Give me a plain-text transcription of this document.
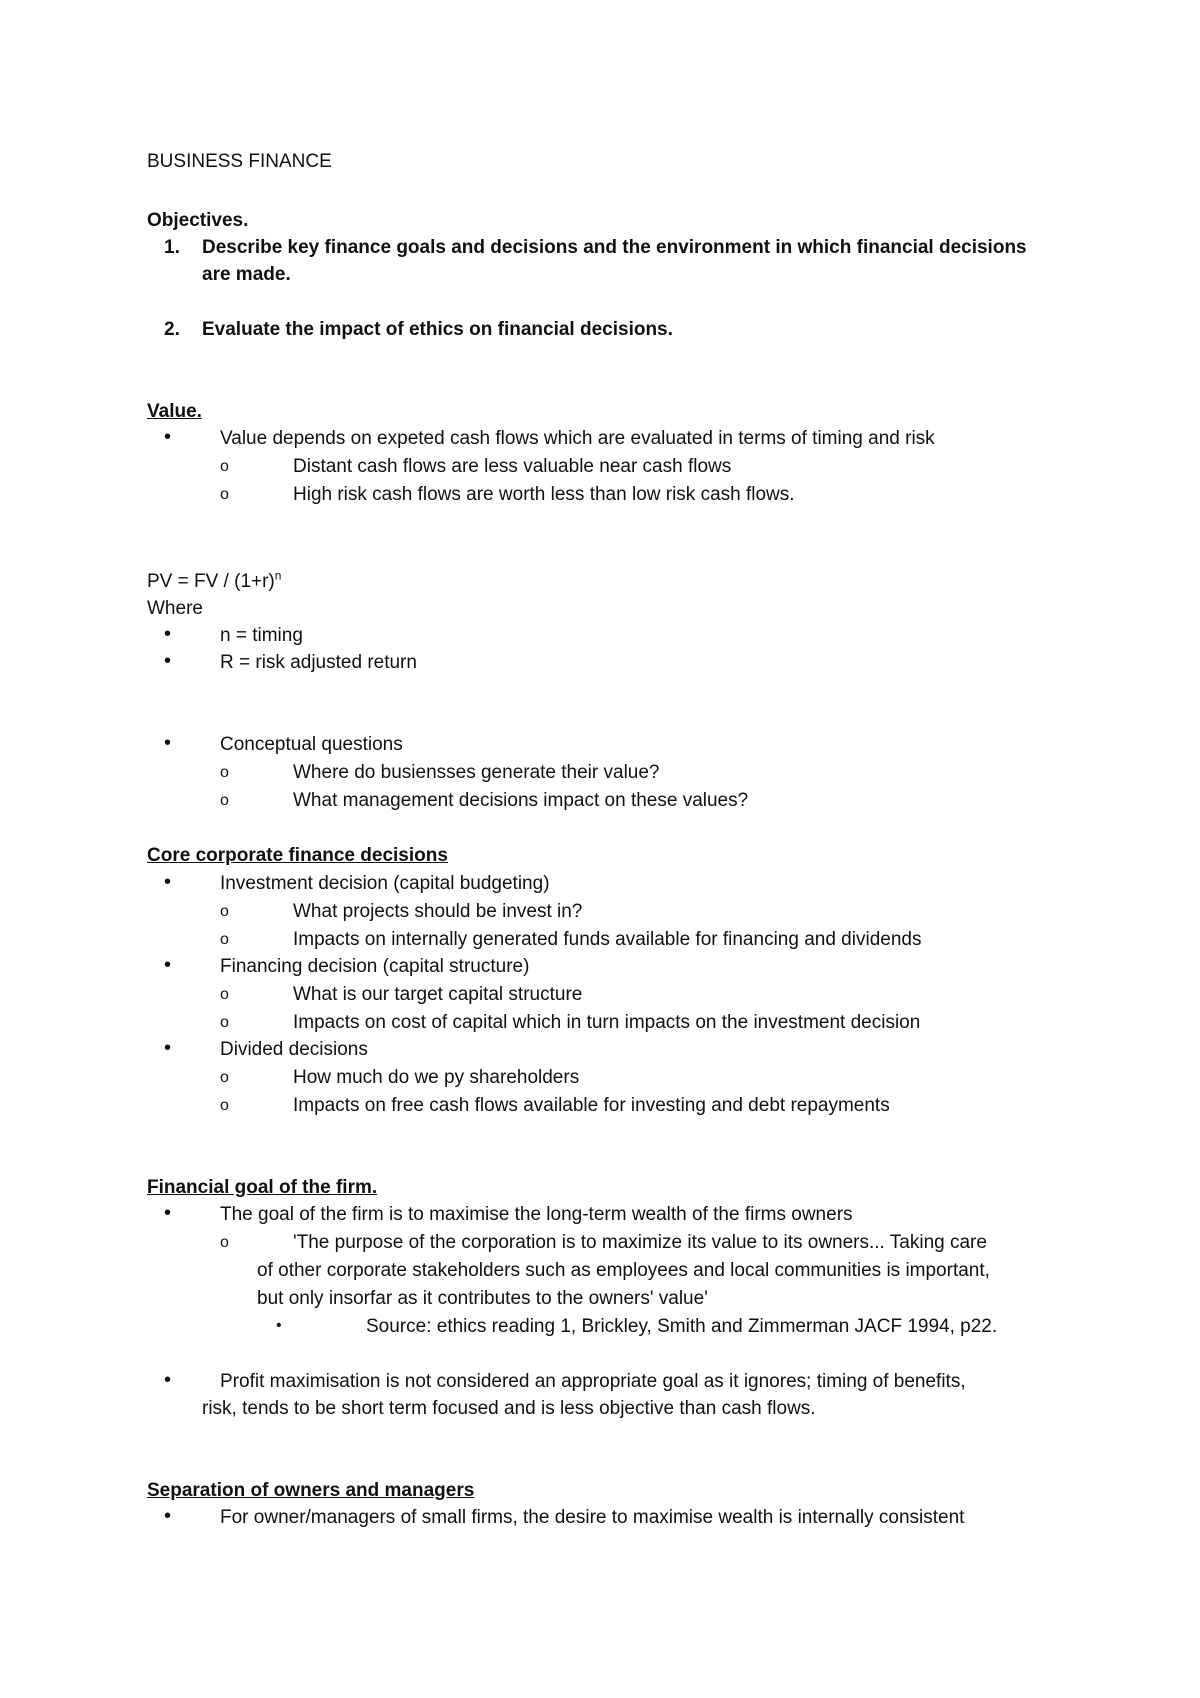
BUSINESS FINANCE
Objectives.
1. Describe key finance goals and decisions and the environment in which financial decisions
are made.
2. Evaluate the impact of ethics on financial decisions.
Value.
•	Value depends on expeted cash flows which are evaluated in terms of timing and risk
o	Distant cash flows are less valuable near cash flows
o	High risk cash flows are worth less than low risk cash flows.
PV = FV / $(1+r)^n$
Where
•	n = timing
•	R = risk adjusted return
•	Conceptual questions
o	Where do busiensses generate their value?
o	What management decisions impact on these values?
Core corporate finance decisions
•	Investment decision (capital budgeting)
o	What projects should be invest in?
o	Impacts on internally generated funds available for financing and dividends
•	Financing decision (capital structure)
o	What is our target capital structure
o	Impacts on cost of capital which in turn impacts on the investment decision
•	Divided decisions
o	How much do we py shareholders
o	Impacts on free cash flows available for investing and debt repayments
Financial goal of the firm.
•	The goal of the firm is to maximise the long-term wealth of the firms owners
o	'The purpose of the corporation is to maximize its value to its owners... Taking care
of other corporate stakeholders such as employees and local communities is important,
but only insorfar as it contributes to the owners' value'
•	Source: ethics reading 1, Brickley, Smith and Zimmerman JACF 1994, p22.
•	Profit maximisation is not considered an appropriate goal as it ignores; timing of benefits,
risk, tends to be short term focused and is less objective than cash flows.
Separation of owners and managers
•	For owner/managers of small firms, the desire to maximise wealth is internally consistent
